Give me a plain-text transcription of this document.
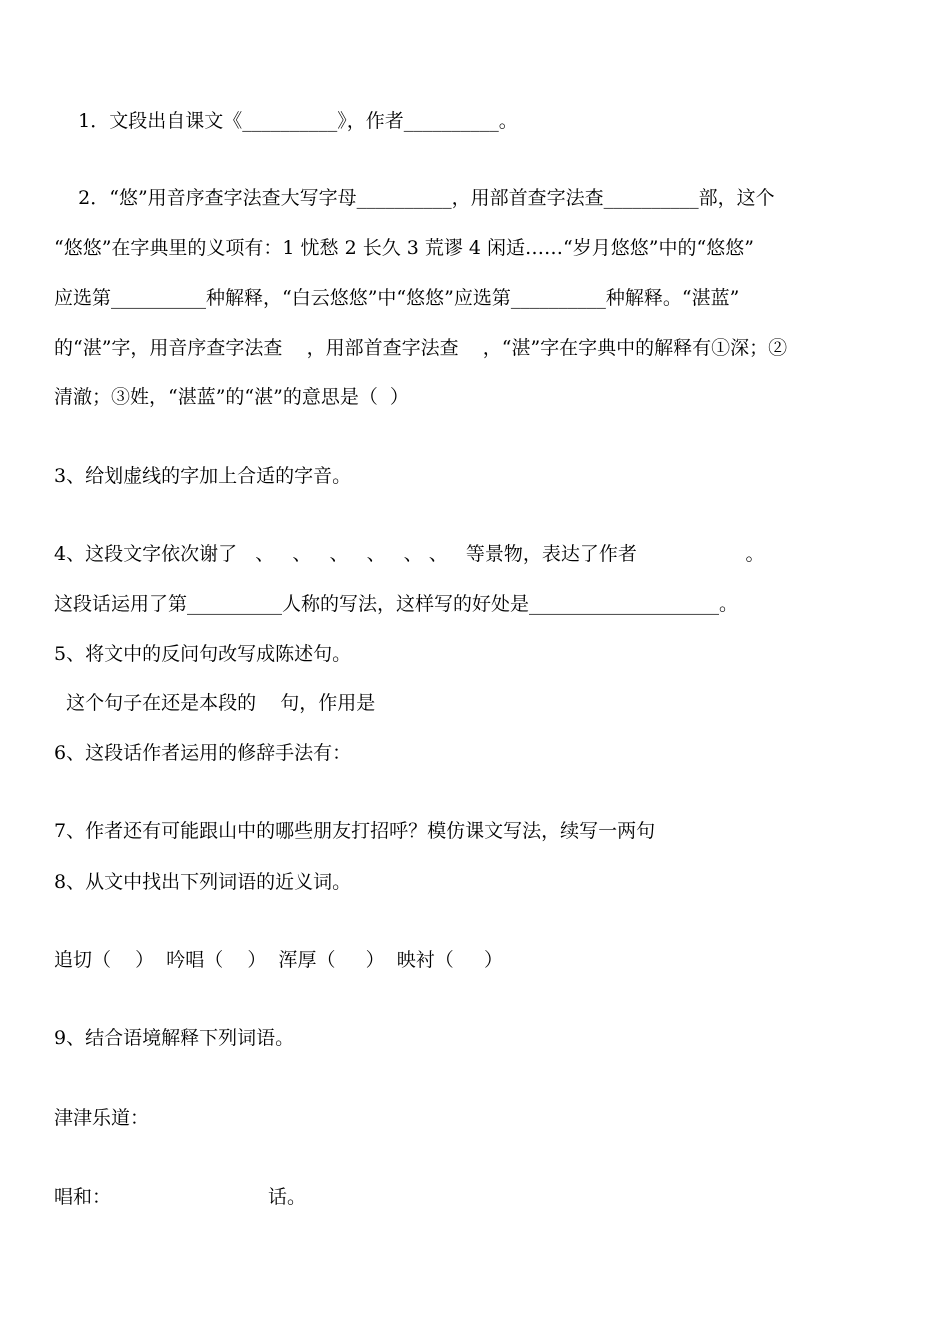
1．文段出自课文《__________》，作者__________。
2．“悠”用音序查字法查大写字母__________，用部首查字法查__________部，这个
“悠悠”在字典里的义项有：1 忧愁 2 长久 3 荒谬 4 闲适……“岁月悠悠”中的“悠悠”
应选第__________种解释，“白云悠悠”中“悠悠”应选第__________种解释。“湛蓝”
的“湛”字，用音序查字法查    ，用部首查字法查    ，“湛”字在字典中的解释有①深；②
清澈；③姓，“湛蓝”的“湛”的意思是（  ）
3、给划虚线的字加上合适的字音。
4、这段文字依次谢了   、   、   、   、   、 、   等景物，表达了作者                  。
这段话运用了第__________人称的写法，这样写的好处是____________________。
5、将文中的反问句改写成陈述句。
这个句子在还是本段的    句，作用是
6、这段话作者运用的修辞手法有：
7、作者还有可能跟山中的哪些朋友打招呼？模仿课文写法，续写一两句
8、从文中找出下列词语的近义词。
追切（    ）  吟唱（    ）  浑厚（     ）  映衬（     ）
9、结合语境解释下列词语。
津津乐道：
唱和：                          话。
